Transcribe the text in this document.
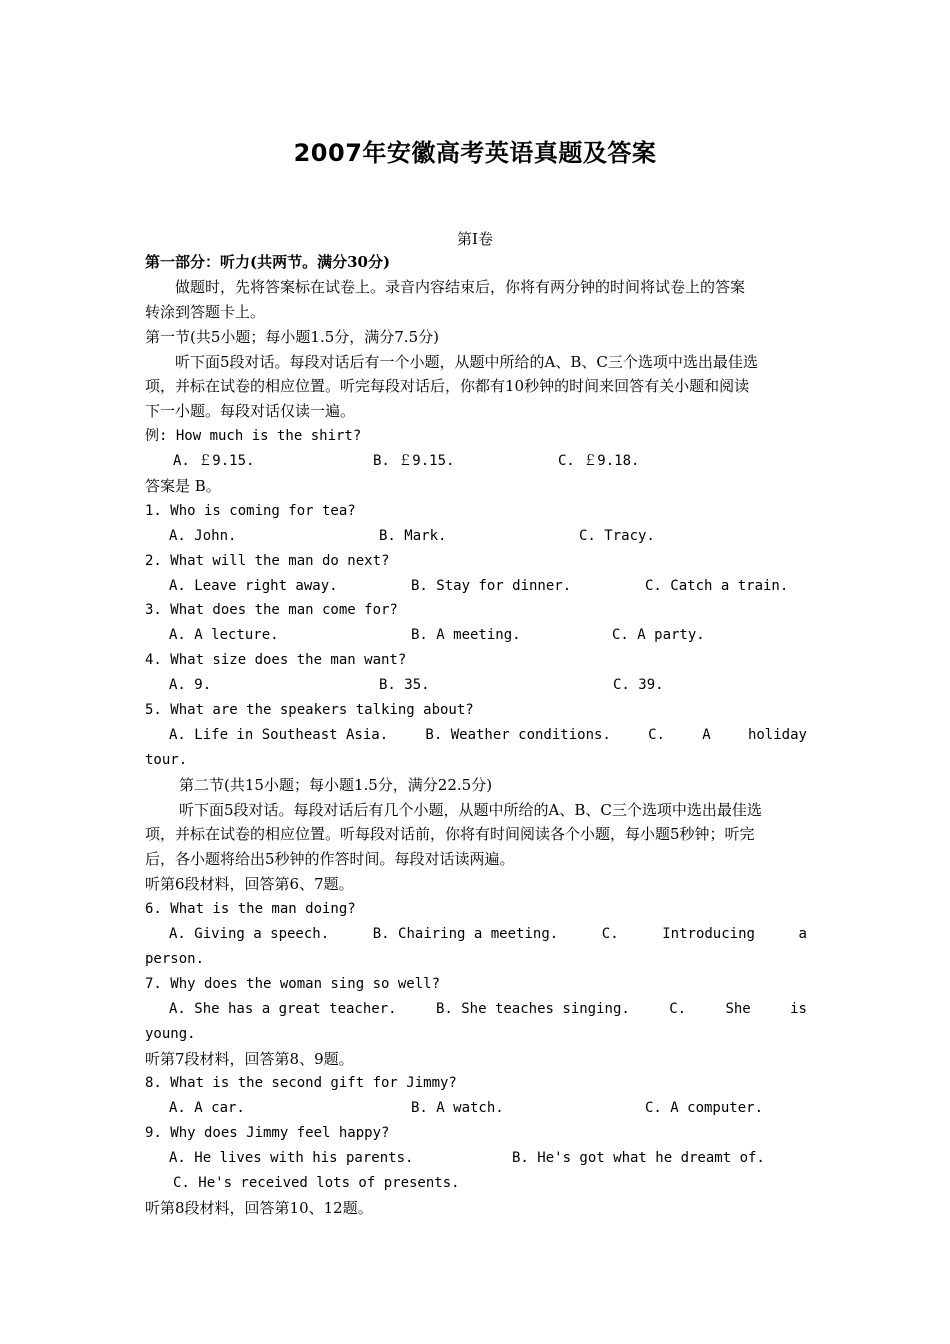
2007年安徽高考英语真题及答案
第Ⅰ卷
第一部分：听力(共两节。满分30分)
做题时，先将答案标在试卷上。录音内容结束后，你将有两分钟的时间将试卷上的答案
转涂到答题卡上。
第一节(共5小题；每小题1.5分，满分7.5分)
听下面5段对话。每段对话后有一个小题，从题中所给的A、B、C三个选项中选出最佳选
项，并标在试卷的相应位置。听完每段对话后，你都有10秒钟的时间来回答有关小题和阅读
下一小题。每段对话仅读一遍。
例: How much is the shirt?
A. ￡9.15.	B. ￡9.15.	C. ￡9.18.
答案是 B。
1. Who is coming for tea?
A. John.	B. Mark.	C. Tracy.
2. What will the man do next?
A. Leave right away.	B. Stay for dinner.	C. Catch a train.
3. What does the man come for?
A. A lecture.	B. A meeting.	C. A party.
4. What size does the man want?
A. 9.	B. 35.	C. 39.
5. What are the speakers talking about?
A. Life in Southeast Asia.	B. Weather conditions.	C.	A	holiday
tour.
第二节(共15小题；每小题1.5分，满分22.5分)
听下面5段对话。每段对话后有几个小题，从题中所给的A、B、C三个选项中选出最佳选
项，并标在试卷的相应位置。听每段对话前，你将有时间阅读各个小题，每小题5秒钟；听完
后，各小题将给出5秒钟的作答时间。每段对话读两遍。
听第6段材料，回答第6、7题。
6. What is the man doing?
A. Giving a speech.	B. Chairing a meeting.	C.	Introducing	a
person.
7. Why does the woman sing so well?
A. She has a great teacher.	B. She teaches singing.	C.	She	is
young.
听第7段材料，回答第8、9题。
8. What is the second gift for Jimmy?
A. A car.	B. A watch.	C. A computer.
9. Why does Jimmy feel happy?
A. He lives with his parents.	B. He's got what he dreamt of.
C. He's received lots of presents.
听第8段材料，回答第10、12题。
